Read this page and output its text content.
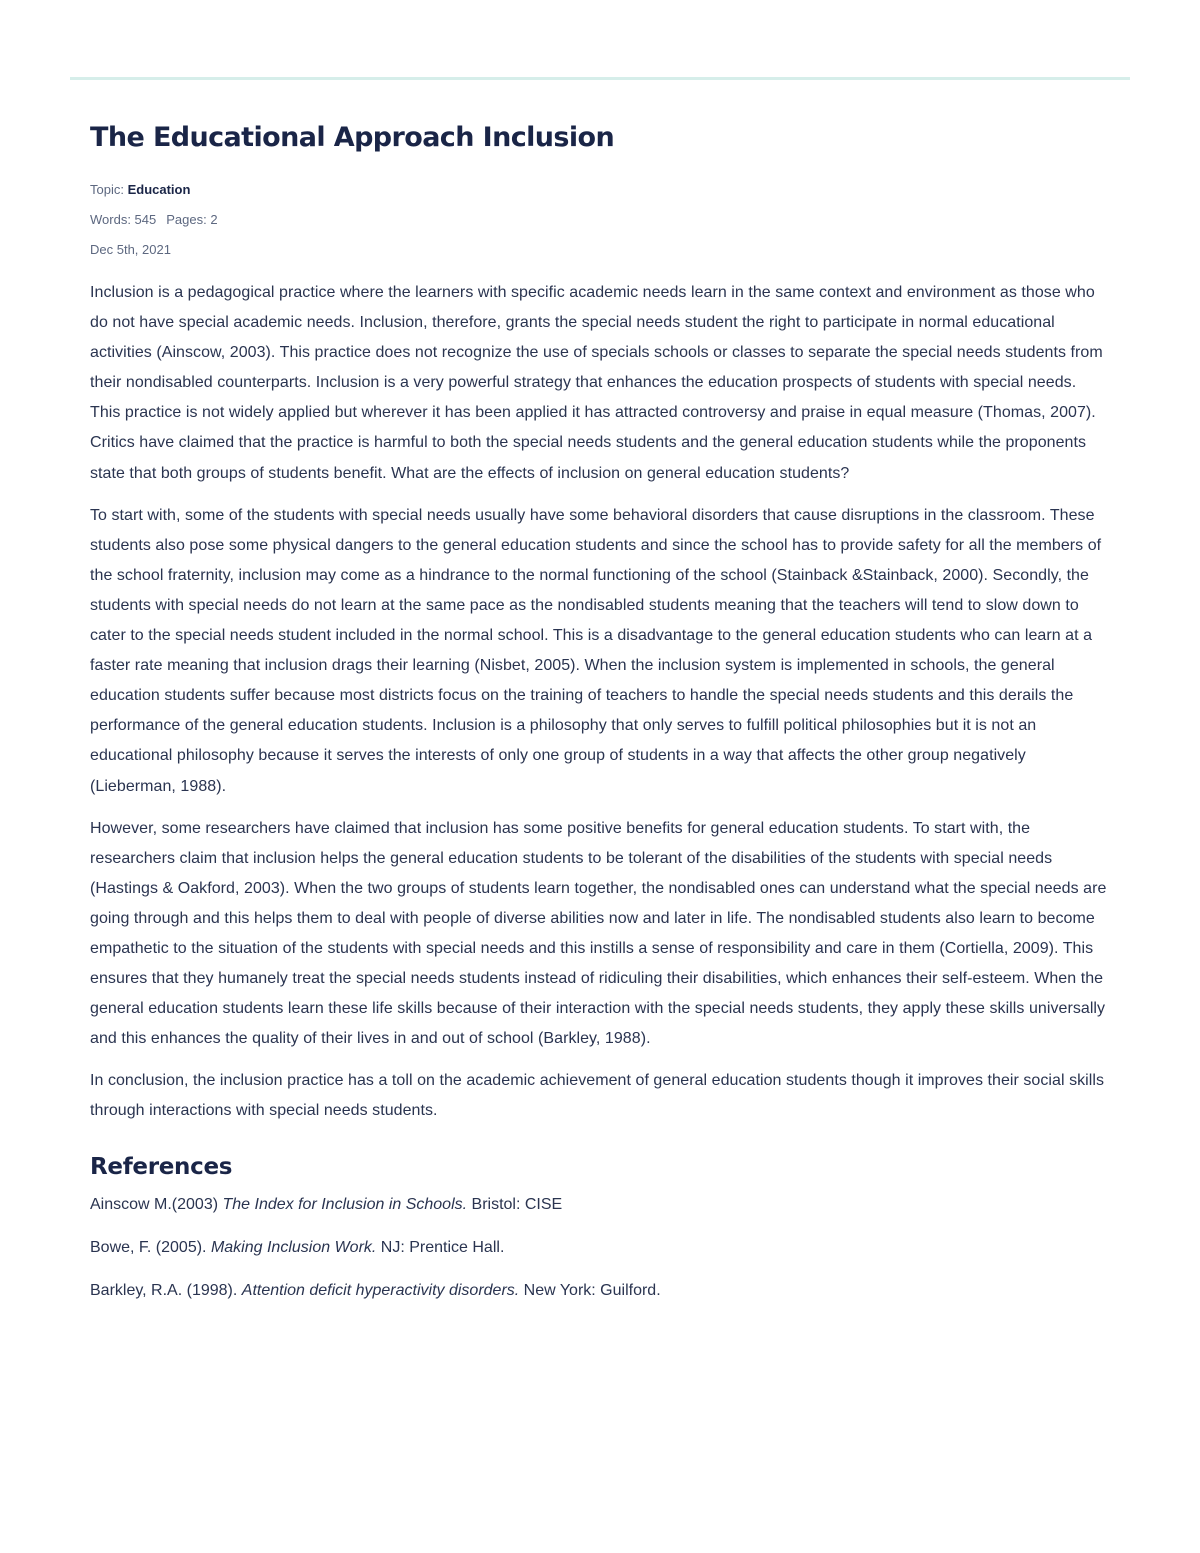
The Educational Approach Inclusion
Topic: Education
Words: 545 Pages: 2
Dec 5th, 2021

Inclusion is a pedagogical practice where the learners with specific academic needs learn in the same context and environment as those who do not have special academic needs. Inclusion, therefore, grants the special needs student the right to participate in normal educational activities (Ainscow, 2003). This practice does not recognize the use of specials schools or classes to separate the special needs students from their nondisabled counterparts. Inclusion is a very powerful strategy that enhances the education prospects of students with special needs. This practice is not widely applied but wherever it has been applied it has attracted controversy and praise in equal measure (Thomas, 2007). Critics have claimed that the practice is harmful to both the special needs students and the general education students while the proponents state that both groups of students benefit. What are the effects of inclusion on general education students?

To start with, some of the students with special needs usually have some behavioral disorders that cause disruptions in the classroom. These students also pose some physical dangers to the general education students and since the school has to provide safety for all the members of the school fraternity, inclusion may come as a hindrance to the normal functioning of the school (Stainback &Stainback, 2000). Secondly, the students with special needs do not learn at the same pace as the nondisabled students meaning that the teachers will tend to slow down to cater to the special needs student included in the normal school. This is a disadvantage to the general education students who can learn at a faster rate meaning that inclusion drags their learning (Nisbet, 2005). When the inclusion system is implemented in schools, the general education students suffer because most districts focus on the training of teachers to handle the special needs students and this derails the performance of the general education students. Inclusion is a philosophy that only serves to fulfill political philosophies but it is not an educational philosophy because it serves the interests of only one group of students in a way that affects the other group negatively (Lieberman, 1988).

However, some researchers have claimed that inclusion has some positive benefits for general education students. To start with, the researchers claim that inclusion helps the general education students to be tolerant of the disabilities of the students with special needs (Hastings & Oakford, 2003). When the two groups of students learn together, the nondisabled ones can understand what the special needs are going through and this helps them to deal with people of diverse abilities now and later in life. The nondisabled students also learn to become empathetic to the situation of the students with special needs and this instills a sense of responsibility and care in them (Cortiella, 2009). This ensures that they humanely treat the special needs students instead of ridiculing their disabilities, which enhances their self-esteem. When the general education students learn these life skills because of their interaction with the special needs students, they apply these skills universally and this enhances the quality of their lives in and out of school (Barkley, 1988).

In conclusion, the inclusion practice has a toll on the academic achievement of general education students though it improves their social skills through interactions with special needs students.

References

Ainscow M.(2003) The Index for Inclusion in Schools. Bristol: CISE

Bowe, F. (2005). Making Inclusion Work. NJ: Prentice Hall.

Barkley, R.A. (1998). Attention deficit hyperactivity disorders. New York: Guilford.
